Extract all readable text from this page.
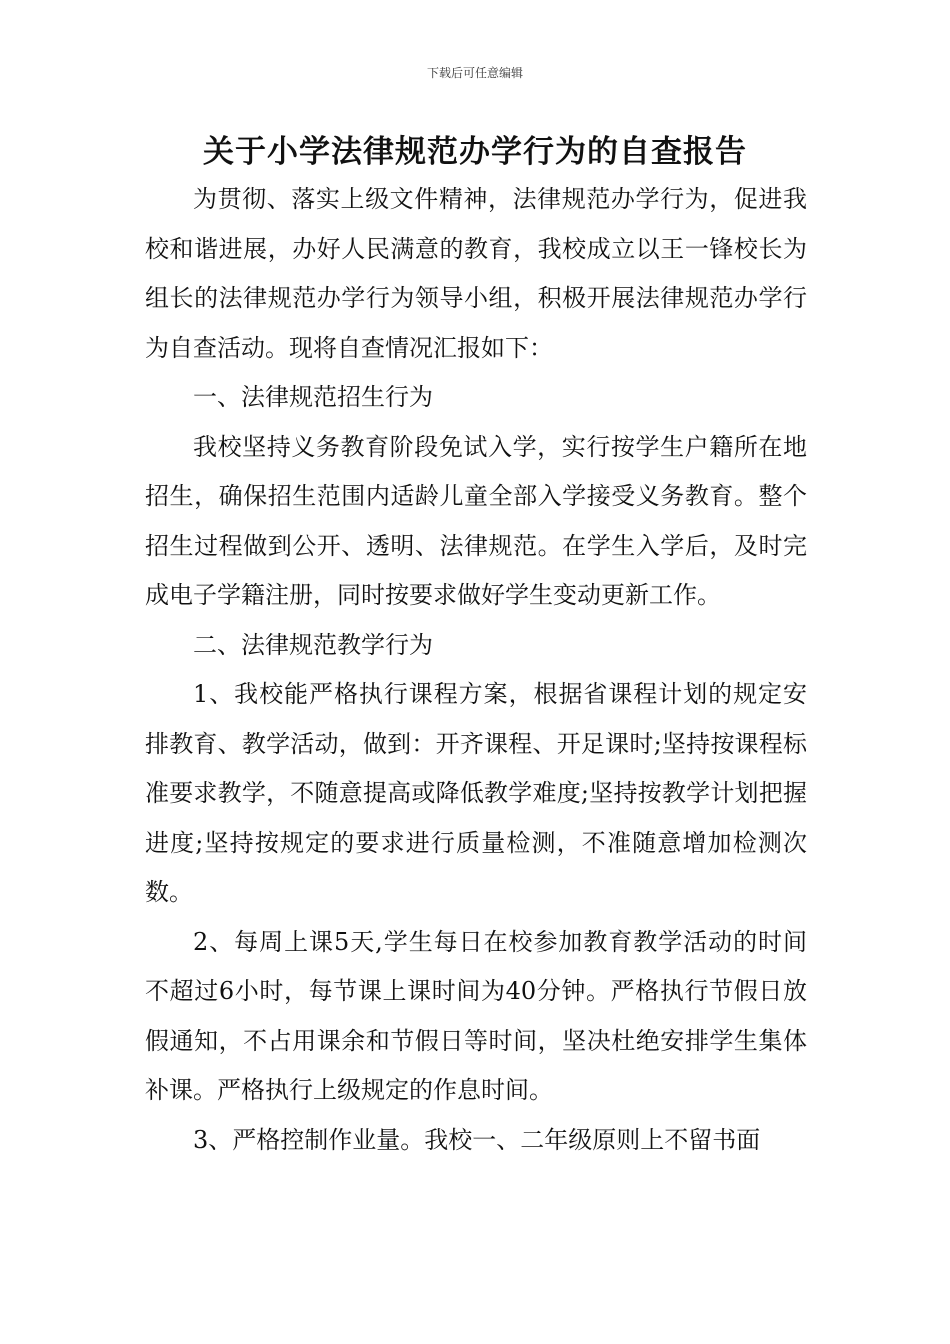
下载后可任意编辑
关于小学法律规范办学行为的自查报告

为贯彻、落实上级文件精神，法律规范办学行为，促进我校和谐进展，办好人民满意的教育，我校成立以王一锋校长为组长的法律规范办学行为领导小组，积极开展法律规范办学行为自查活动。现将自查情况汇报如下：

一、法律规范招生行为

我校坚持义务教育阶段免试入学，实行按学生户籍所在地招生，确保招生范围内适龄儿童全部入学接受义务教育。整个招生过程做到公开、透明、法律规范。在学生入学后，及时完成电子学籍注册，同时按要求做好学生变动更新工作。

二、法律规范教学行为

1、我校能严格执行课程方案，根据省课程计划的规定安排教育、教学活动，做到：开齐课程、开足课时;坚持按课程标准要求教学，不随意提高或降低教学难度;坚持按教学计划把握进度;坚持按规定的要求进行质量检测，不准随意增加检测次数。

2、每周上课5天,学生每日在校参加教育教学活动的时间不超过6小时，每节课上课时间为40分钟。严格执行节假日放假通知，不占用课余和节假日等时间，坚决杜绝安排学生集体补课。严格执行上级规定的作息时间。

3、严格控制作业量。我校一、二年级原则上不留书面
